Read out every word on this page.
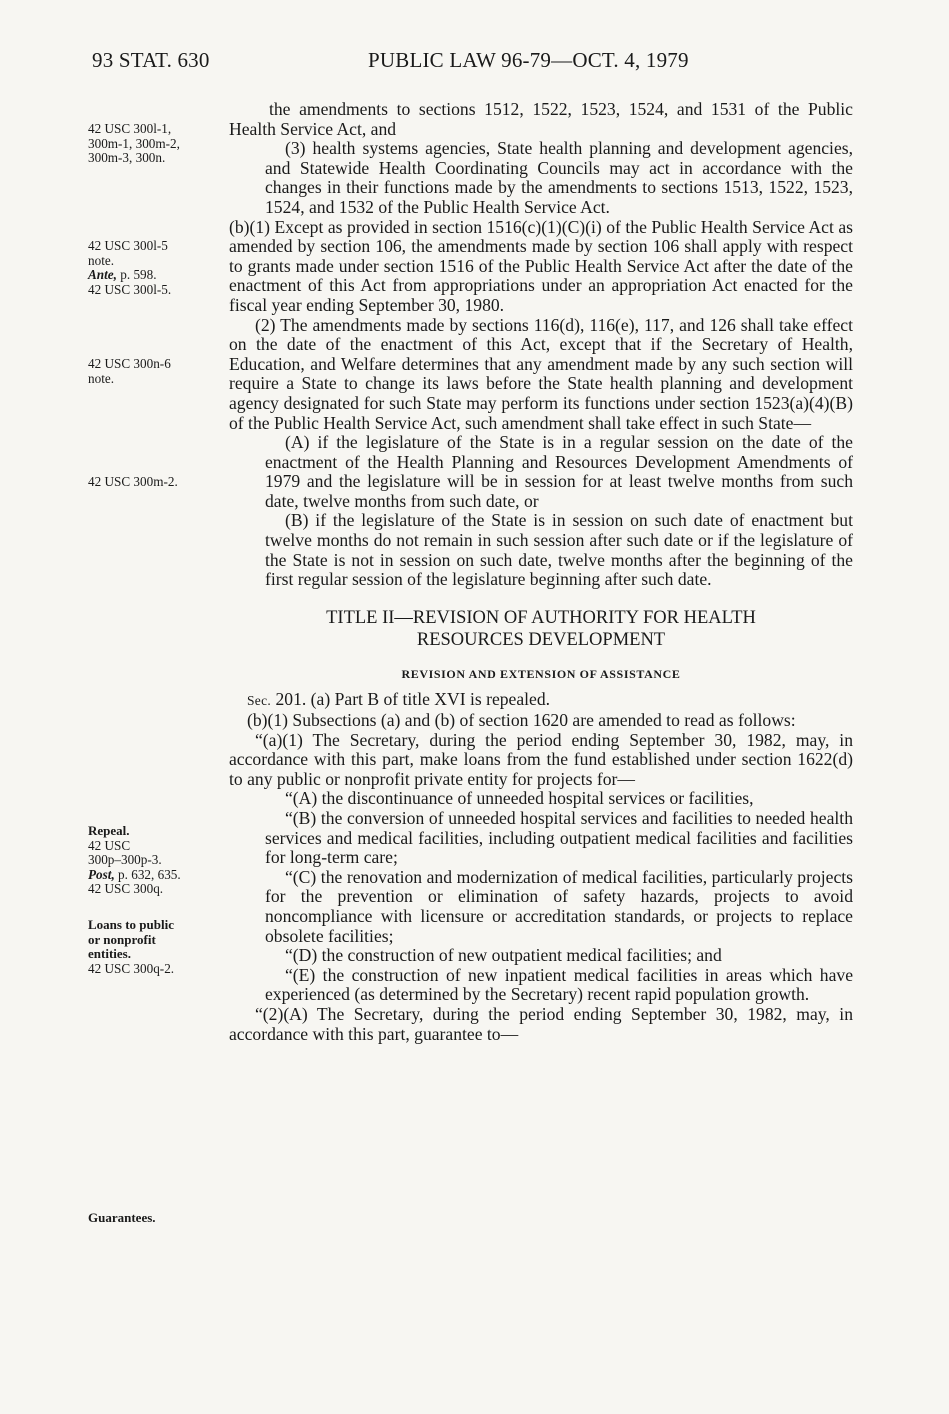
93 STAT. 630	PUBLIC LAW 96-79—OCT. 4, 1979
42 USC 300l-1,
300m-1, 300m-2,
300m-3, 300n.
42 USC 300l-5
note.
Ante, p. 598.
42 USC 300l-5.
42 USC 300n-6
note.
42 USC 300m-2.
Repeal.
42 USC
300p–300p-3.
Post, p. 632, 635.
42 USC 300q.
Loans to public
or nonprofit
entities.
42 USC 300q-2.
Guarantees.

the amendments to sections 1512, 1522, 1523, 1524, and 1531 of the Public Health Service Act, and

(3) health systems agencies, State health planning and development agencies, and Statewide Health Coordinating Councils may act in accordance with the changes in their functions made by the amendments to sections 1513, 1522, 1523, 1524, and 1532 of the Public Health Service Act.

(b)(1) Except as provided in section 1516(c)(1)(C)(i) of the Public Health Service Act as amended by section 106, the amendments made by section 106 shall apply with respect to grants made under section 1516 of the Public Health Service Act after the date of the enactment of this Act from appropriations under an appropriation Act enacted for the fiscal year ending September 30, 1980.

(2) The amendments made by sections 116(d), 116(e), 117, and 126 shall take effect on the date of the enactment of this Act, except that if the Secretary of Health, Education, and Welfare determines that any amendment made by any such section will require a State to change its laws before the State health planning and development agency designated for such State may perform its functions under section 1523(a)(4)(B) of the Public Health Service Act, such amendment shall take effect in such State—

(A) if the legislature of the State is in a regular session on the date of the enactment of the Health Planning and Resources Development Amendments of 1979 and the legislature will be in session for at least twelve months from such date, twelve months from such date, or

(B) if the legislature of the State is in session on such date of enactment but twelve months do not remain in such session after such date or if the legislature of the State is not in session on such date, twelve months after the beginning of the first regular session of the legislature beginning after such date.

TITLE II—REVISION OF AUTHORITY FOR HEALTH
RESOURCES DEVELOPMENT

REVISION AND EXTENSION OF ASSISTANCE

Sec. 201. (a) Part B of title XVI is repealed.

(b)(1) Subsections (a) and (b) of section 1620 are amended to read as follows:

“(a)(1) The Secretary, during the period ending September 30, 1982, may, in accordance with this part, make loans from the fund established under section 1622(d) to any public or nonprofit private entity for projects for—

“(A) the discontinuance of unneeded hospital services or facilities,

“(B) the conversion of unneeded hospital services and facilities to needed health services and medical facilities, including outpatient medical facilities and facilities for long-term care;

“(C) the renovation and modernization of medical facilities, particularly projects for the prevention or elimination of safety hazards, projects to avoid noncompliance with licensure or accreditation standards, or projects to replace obsolete facilities;

“(D) the construction of new outpatient medical facilities; and

“(E) the construction of new inpatient medical facilities in areas which have experienced (as determined by the Secretary) recent rapid population growth.

“(2)(A) The Secretary, during the period ending September 30, 1982, may, in accordance with this part, guarantee to—
